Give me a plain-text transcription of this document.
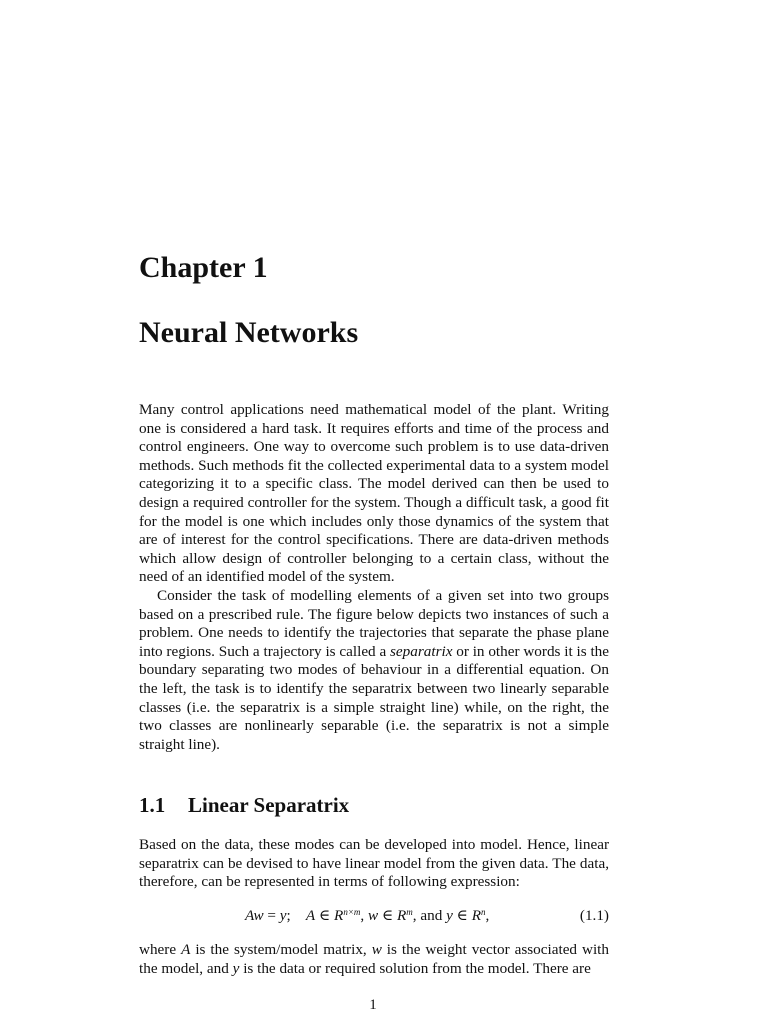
Chapter 1
Neural Networks

Many control applications need mathematical model of the plant. Writing one is considered a hard task. It requires efforts and time of the process and control engineers. One way to overcome such problem is to use data-driven methods. Such methods fit the collected experimental data to a system model categorizing it to a specific class. The model derived can then be used to design a required controller for the system. Though a difficult task, a good fit for the model is one which includes only those dynamics of the system that are of interest for the control specifications. There are data-driven methods which allow design of controller belonging to a certain class, without the need of an identified model of the system.

Consider the task of modelling elements of a given set into two groups based on a prescribed rule. The figure below depicts two instances of such a problem. One needs to identify the trajectories that separate the phase plane into regions. Such a trajectory is called a separatrix or in other words it is the boundary separating two modes of behaviour in a differential equation. On the left, the task is to identify the separatrix between two linearly separable classes (i.e. the separatrix is a simple straight line) while, on the right, the two classes are nonlinearly separable (i.e. the separatrix is not a simple straight line).

1.1 Linear Separatrix

Based on the data, these modes can be developed into model. Hence, linear separatrix can be devised to have linear model from the given data. The data, therefore, can be represented in terms of following expression:

Aw = y;    A ∈ $R^{n\times m}$, w ∈ $R^m$, and y ∈ $R^n$,	(1.1)

where A is the system/model matrix, w is the weight vector associated with the model, and y is the data or required solution from the model. There are

1
